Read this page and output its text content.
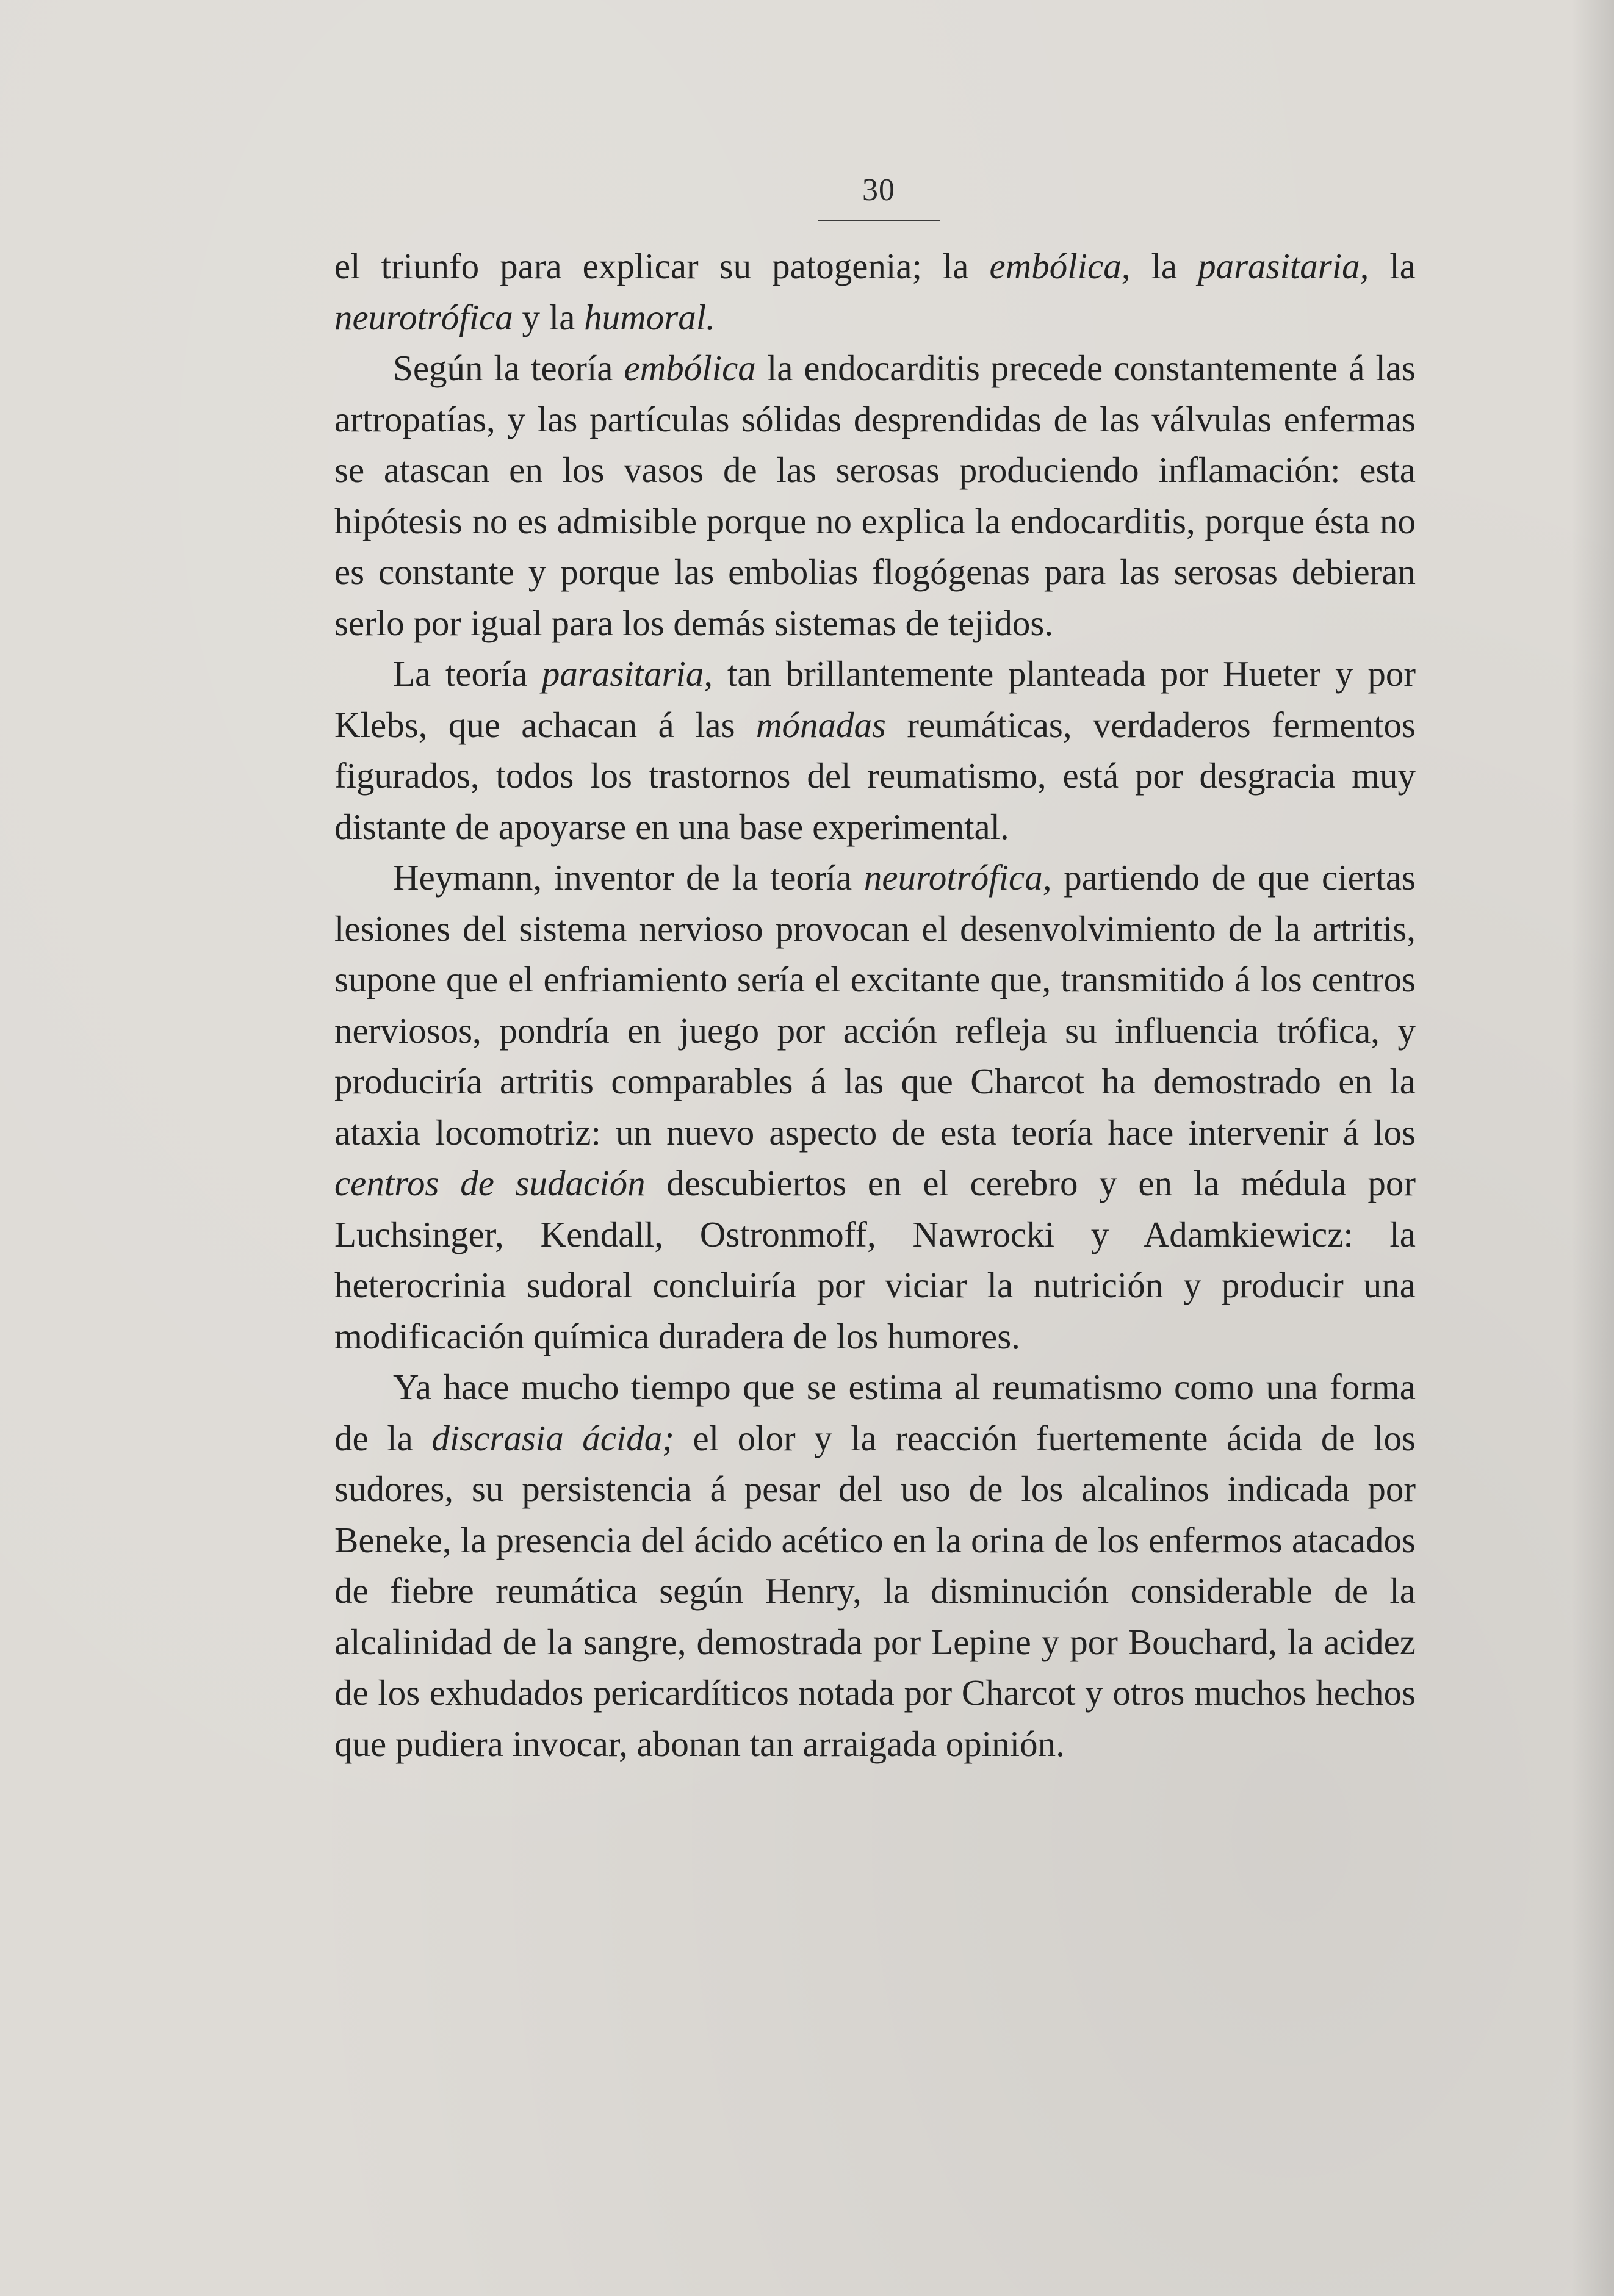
30

el triunfo para explicar su patogenia; la embólica, la parasitaria, la neurotrófica y la humoral.

Según la teoría embólica la endocarditis precede constantemente á las artropatías, y las partículas sólidas desprendidas de las válvulas enfermas se atascan en los vasos de las serosas produciendo inflamación: esta hipótesis no es admisible porque no explica la endocarditis, porque ésta no es constante y porque las embolias flogógenas para las serosas debieran serlo por igual para los demás sistemas de tejidos.

La teoría parasitaria, tan brillantemente planteada por Hueter y por Klebs, que achacan á las mónadas reumáticas, verdaderos fermentos figurados, todos los trastornos del reumatismo, está por desgracia muy distante de apoyarse en una base experimental.

Heymann, inventor de la teoría neurotrófica, partiendo de que ciertas lesiones del sistema nervioso provocan el desenvolvimiento de la artritis, supone que el enfriamiento sería el excitante que, transmitido á los centros nerviosos, pondría en juego por acción refleja su influencia trófica, y produciría artritis comparables á las que Charcot ha demostrado en la ataxia locomotriz: un nuevo aspecto de esta teoría hace intervenir á los centros de sudación descubiertos en el cerebro y en la médula por Luchsinger, Kendall, Ostronmoff, Nawrocki y Adamkiewicz: la heterocrinia sudoral concluiría por viciar la nutrición y producir una modificación química duradera de los humores.

Ya hace mucho tiempo que se estima al reumatismo como una forma de la discrasia ácida; el olor y la reacción fuertemente ácida de los sudores, su persistencia á pesar del uso de los alcalinos indicada por Beneke, la presencia del ácido acético en la orina de los enfermos atacados de fiebre reumática según Henry, la disminución considerable de la alcalinidad de la sangre, demostrada por Lepine y por Bouchard, la acidez de los exhudados pericardíticos notada por Charcot y otros muchos hechos que pudiera invocar, abonan tan arraigada opinión.
